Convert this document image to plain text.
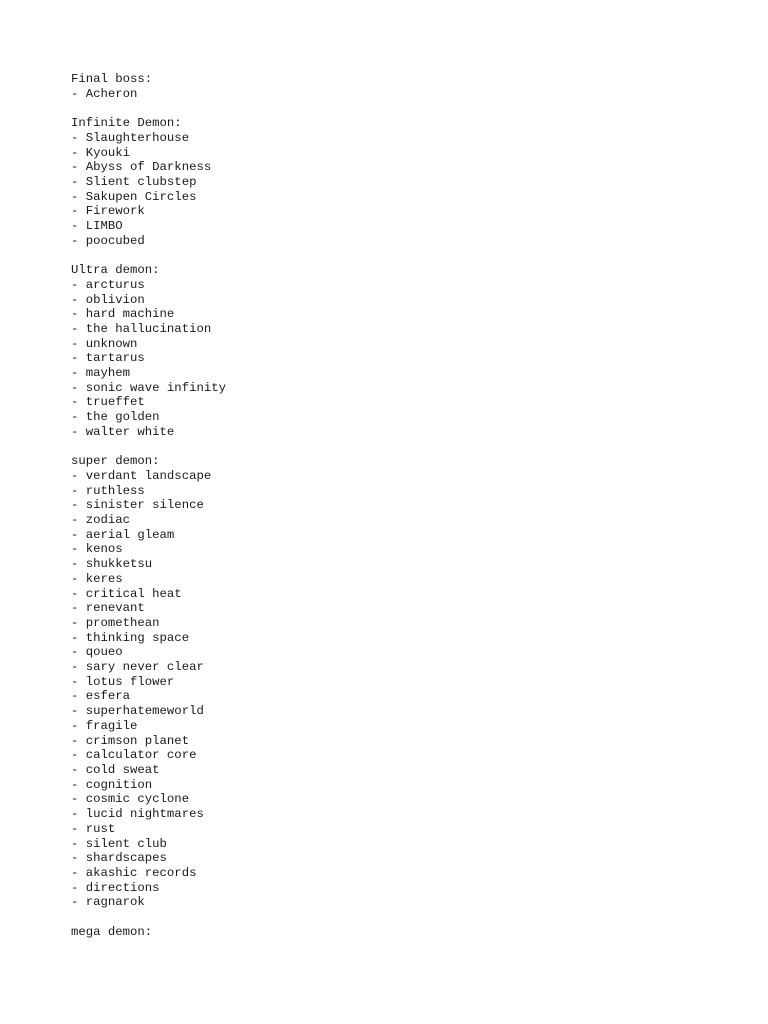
Final boss:
- Acheron
Infinite Demon:
- Slaughterhouse
- Kyouki
- Abyss of Darkness
- Slient clubstep
- Sakupen Circles
- Firework
- LIMBO
- poocubed
Ultra demon:
- arcturus
- oblivion
- hard machine
- the hallucination
- unknown
- tartarus
- mayhem
- sonic wave infinity
- trueffet
- the golden
- walter white
super demon:
- verdant landscape
- ruthless
- sinister silence
- zodiac
- aerial gleam
- kenos
- shukketsu
- keres
- critical heat
- renevant
- promethean
- thinking space
- qoueo
- sary never clear
- lotus flower
- esfera
- superhatemeworld
- fragile
- crimson planet
- calculator core
- cold sweat
- cognition
- cosmic cyclone
- lucid nightmares
- rust
- silent club
- shardscapes
- akashic records
- directions
- ragnarok
mega demon:
